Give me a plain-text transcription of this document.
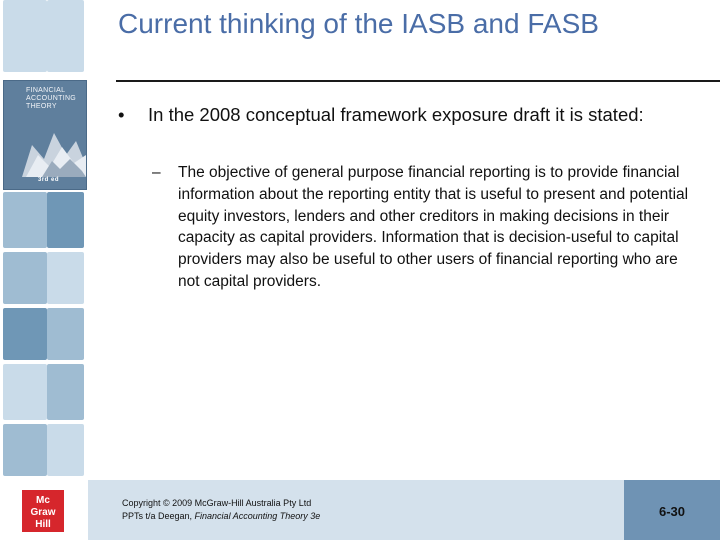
FINANCIAL ACCOUNTING THEORY
3rd ed
Current thinking of the IASB and FASB
• In the 2008 conceptual framework exposure draft it is stated:
– The objective of general purpose financial reporting is to provide financial information about the reporting entity that is useful to present and potential equity investors, lenders and other creditors in making decisions in their capacity as capital providers. Information that is decision-useful to capital providers may also be useful to other users of financial reporting who are not capital providers.
Mc
Graw
Hill
Copyright © 2009 McGraw-Hill Australia Pty Ltd
PPTs t/a Deegan, Financial Accounting Theory 3e	6-30
